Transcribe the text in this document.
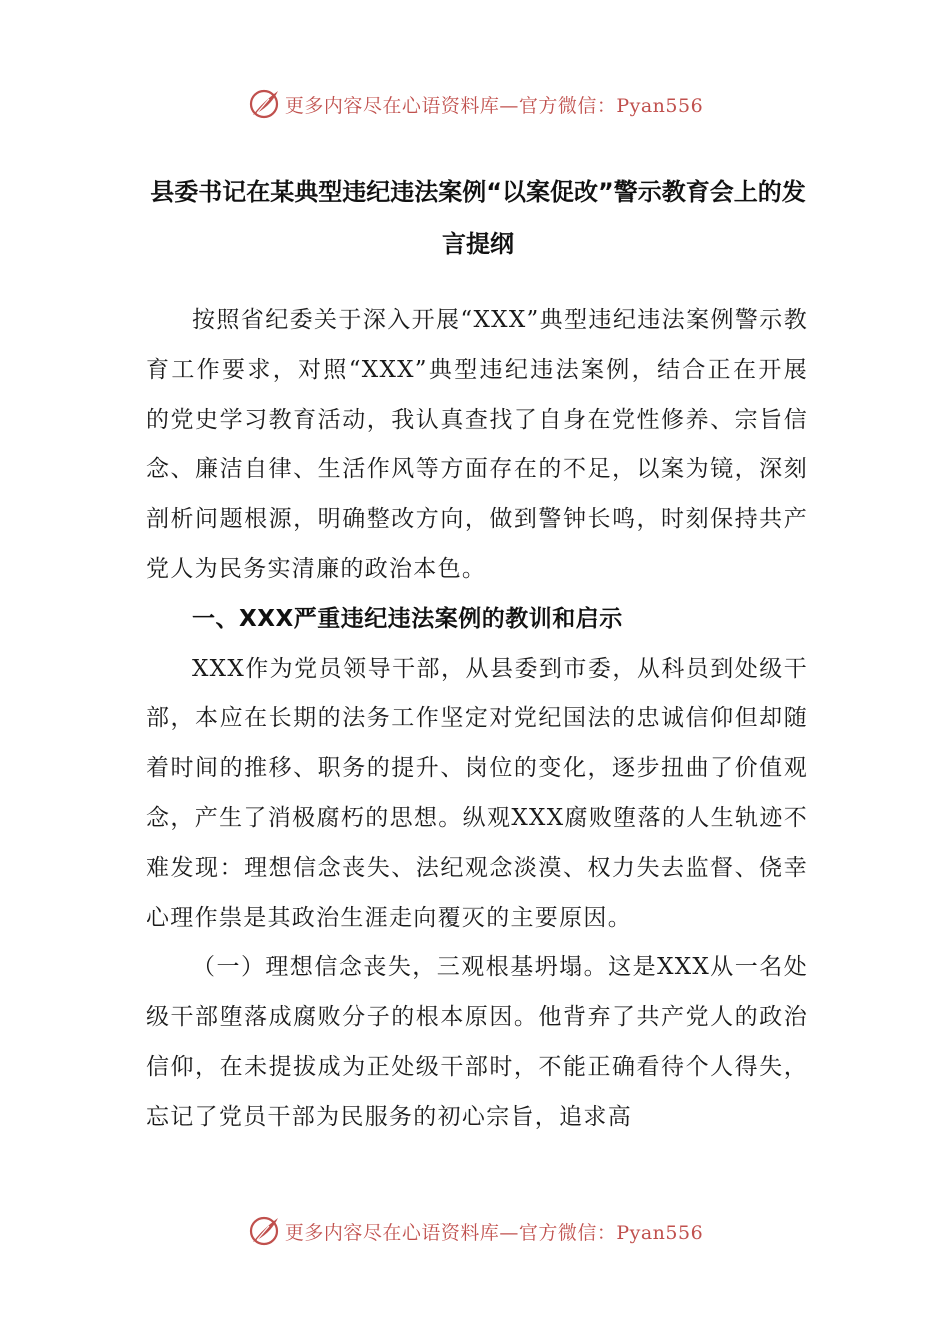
更多内容尽在心语资料库—官方微信：Pyan556
县委书记在某典型违纪违法案例“以案促改”警示教育会上的发言提纲

按照省纪委关于深入开展“XXX”典型违纪违法案例警示教育工作要求，对照“XXX”典型违纪违法案例，结合正在开展的党史学习教育活动，我认真查找了自身在党性修养、宗旨信念、廉洁自律、生活作风等方面存在的不足，以案为镜，深刻剖析问题根源，明确整改方向，做到警钟长鸣，时刻保持共产党人为民务实清廉的政治本色。

一、XXX严重违纪违法案例的教训和启示

XXX作为党员领导干部，从县委到市委，从科员到处级干部，本应在长期的法务工作坚定对党纪国法的忠诚信仰但却随着时间的推移、职务的提升、岗位的变化，逐步扭曲了价值观念，产生了消极腐朽的思想。纵观XXX腐败堕落的人生轨迹不难发现：理想信念丧失、法纪观念淡漠、权力失去监督、侥幸心理作祟是其政治生涯走向覆灭的主要原因。

（一）理想信念丧失，三观根基坍塌。这是XXX从一名处级干部堕落成腐败分子的根本原因。他背弃了共产党人的政治信仰，在未提拔成为正处级干部时，不能正确看待个人得失，忘记了党员干部为民服务的初心宗旨，追求高

更多内容尽在心语资料库—官方微信：Pyan556
